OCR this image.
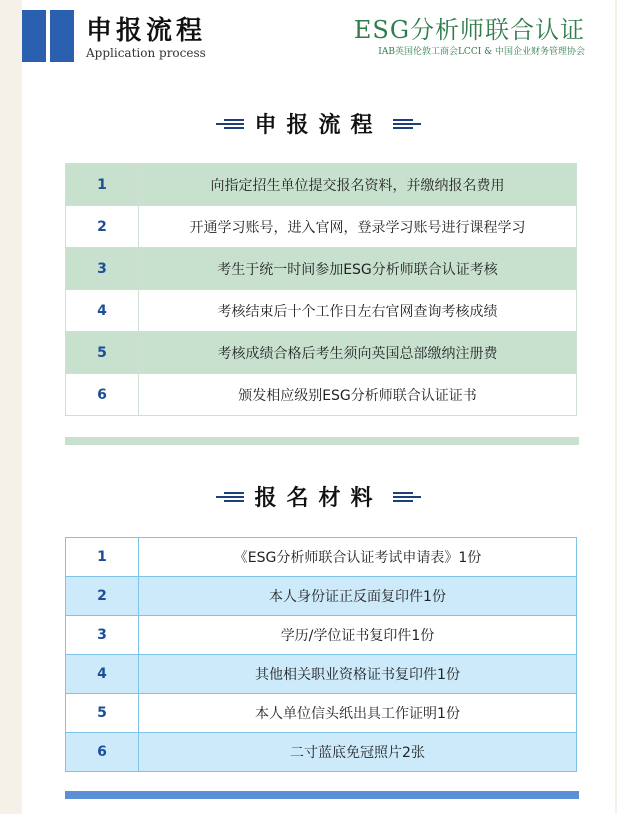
申报流程
Application process
ESG分析师联合认证
IAB英国伦敦工商会LCCI & 中国企业财务管理协会
申报流程
1	向指定招生单位提交报名资料，并缴纳报名费用
2	开通学习账号，进入官网，登录学习账号进行课程学习
3	考生于统一时间参加ESG分析师联合认证考核
4	考核结束后十个工作日左右官网查询考核成绩
5	考核成绩合格后考生须向英国总部缴纳注册费
6	颁发相应级别ESG分析师联合认证证书
报名材料
1	《ESG分析师联合认证考试申请表》1份
2	本人身份证正反面复印件1份
3	学历/学位证书复印件1份
4	其他相关职业资格证书复印件1份
5	本人单位信头纸出具工作证明1份
6	二寸蓝底免冠照片2张
